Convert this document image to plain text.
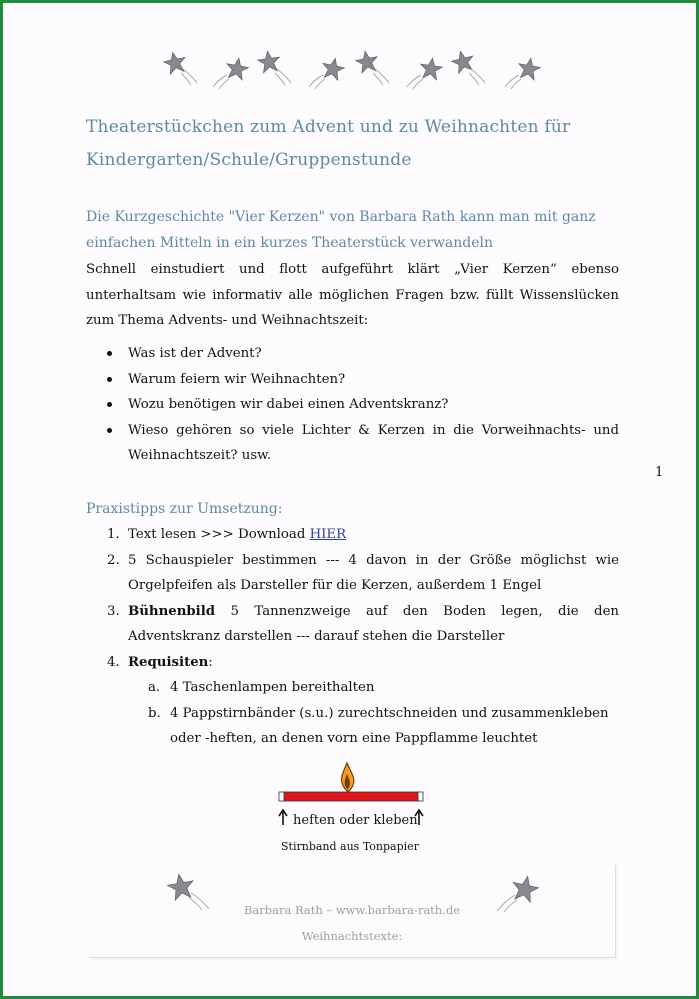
Theaterstückchen zum Advent und zu Weihnachten für
Kindergarten/Schule/Gruppenstunde
Die Kurzgeschichte "Vier Kerzen" von Barbara Rath kann man mit ganz
einfachen Mitteln in ein kurzes Theaterstück verwandeln
Schnell einstudiert und flott aufgeführt klärt „Vier Kerzen“ ebenso unterhaltsam wie informativ alle möglichen Fragen bzw. füllt Wissenslücken zum Thema Advents- und Weihnachtszeit:
Was ist der Advent?
Warum feiern wir Weihnachten?
Wozu benötigen wir dabei einen Adventskranz?
Wieso gehören so viele Lichter & Kerzen in die Vorweihnachts- und Weihnachtszeit? usw.
1
Praxistipps zur Umsetzung:
1. Text lesen >>> Download HIER
2. 5 Schauspieler bestimmen --- 4 davon in der Größe möglichst wie Orgelpfeifen als Darsteller für die Kerzen, außerdem 1 Engel
3. Bühnenbild 5 Tannenzweige auf den Boden legen, die den Adventskranz darstellen --- darauf stehen die Darsteller
4. Requisiten:
a. 4 Taschenlampen bereithalten
b. 4 Pappstirnbänder (s.u.) zurechtschneiden und zusammenkleben oder -heften, an denen vorn eine Pappflamme leuchtet
heften oder kleben
Stirnband aus Tonpapier
Barbara Rath – www.barbara-rath.de
Weihnachtstexte:
